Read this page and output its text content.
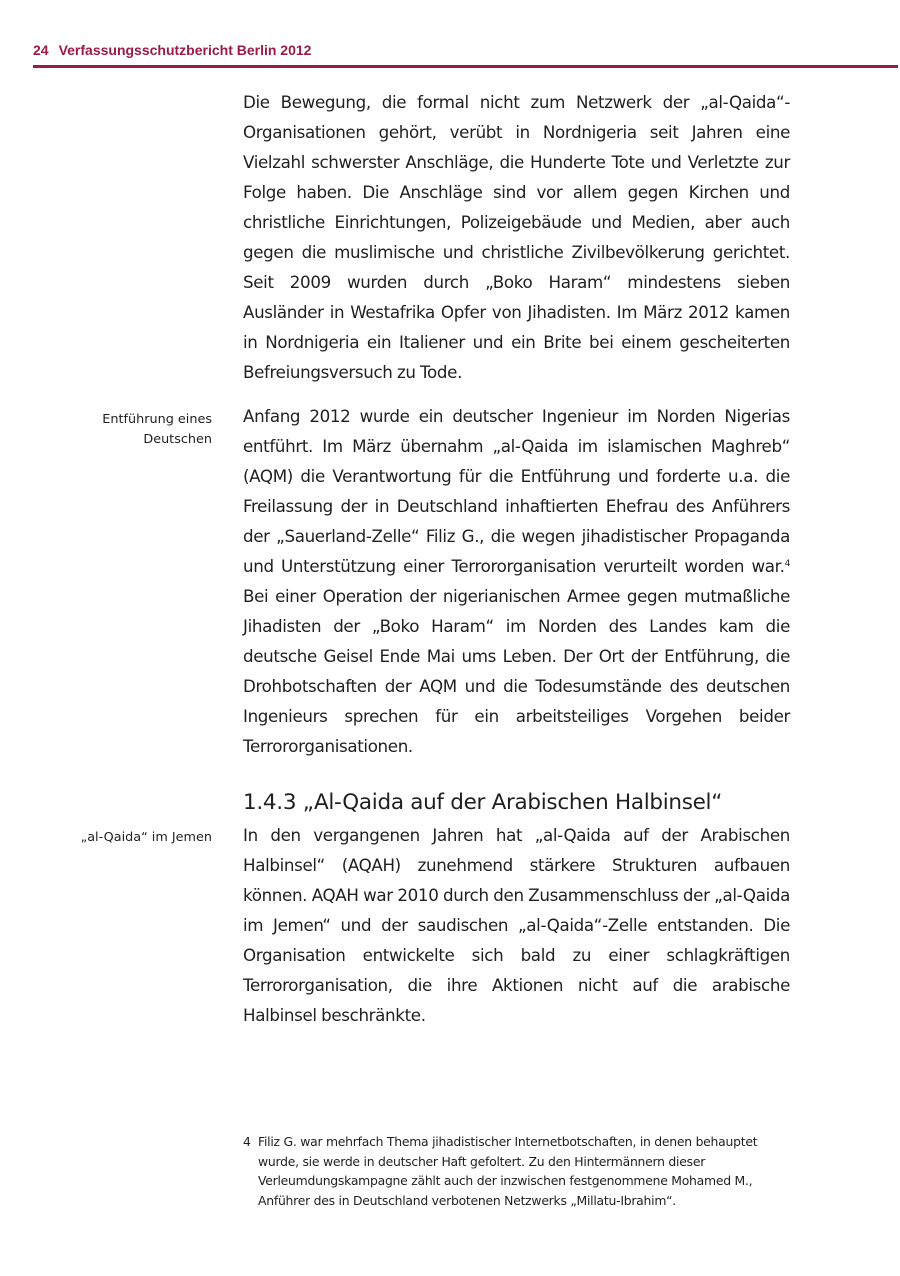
24 Verfassungsschutzbericht Berlin 2012

Die Bewegung, die formal nicht zum Netzwerk der „al-Qaida“-Organisationen gehört, verübt in Nordnigeria seit Jahren eine Vielzahl schwerster Anschläge, die Hunderte Tote und Verletzte zur Folge haben. Die Anschläge sind vor allem gegen Kirchen und christliche Einrichtungen, Polizeigebäude und Medien, aber auch gegen die muslimische und christliche Zivilbevölkerung gerichtet. Seit 2009 wurden durch „Boko Haram“ mindestens sieben Ausländer in Westafrika Opfer von Jihadisten. Im März 2012 kamen in Nordnigeria ein Italiener und ein Brite bei einem gescheiterten Befreiungsversuch zu Tode.

Entführung eines
Deutschen

Anfang 2012 wurde ein deutscher Ingenieur im Norden Nigerias entführt. Im März übernahm „al-Qaida im islamischen Maghreb“ (AQM) die Verantwortung für die Entführung und forderte u.a. die Freilassung der in Deutschland inhaftierten Ehefrau des Anführers der „Sauerland-Zelle“ Filiz G., die wegen jihadistischer Propaganda und Unterstützung einer Terrororganisation verurteilt worden war.$^4$ Bei einer Operation der nigerianischen Armee gegen mutmaßliche Jihadisten der „Boko Haram“ im Norden des Landes kam die deutsche Geisel Ende Mai ums Leben. Der Ort der Entführung, die Drohbotschaften der AQM und die Todesumstände des deutschen Ingenieurs sprechen für ein arbeitsteiliges Vorgehen beider Terrororganisationen.

1.4.3 „Al-Qaida auf der Arabischen Halbinsel“
„al-Qaida“ im Jemen In den vergangenen Jahren hat „al-Qaida auf der Arabischen Halbinsel“ (AQAH) zunehmend stärkere Strukturen aufbauen können. AQAH war 2010 durch den Zusammenschluss der „al-Qaida im Jemen“ und der saudischen „al-Qaida“-Zelle entstanden. Die Organisation entwickelte sich bald zu einer schlagkräftigen Terrororganisation, die ihre Aktionen nicht auf die arabische Halbinsel beschränkte.

4 Filiz G. war mehrfach Thema jihadistischer Internetbotschaften, in denen behauptet wurde, sie werde in deutscher Haft gefoltert. Zu den Hintermännern dieser Verleumdungskampagne zählt auch der inzwischen festgenommene Mohamed M., Anführer des in Deutschland verbotenen Netzwerks „Millatu-Ibrahim“.
